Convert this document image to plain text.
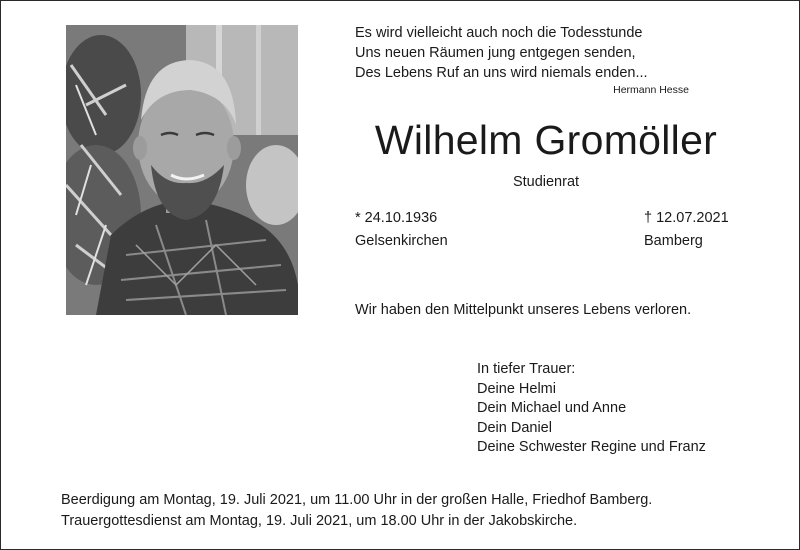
Es wird vielleicht auch noch die Todesstunde
Uns neuen Räumen jung entgegen senden,
Des Lebens Ruf an uns wird niemals enden...
Hermann Hesse
Wilhelm Gromöller
Studienrat
* 24.10.1936
Gelsenkirchen
† 12.07.2021
Bamberg
Wir haben den Mittelpunkt unseres Lebens verloren.
In tiefer Trauer:
Deine Helmi
Dein Michael und Anne
Dein Daniel
Deine Schwester Regine und Franz
Beerdigung am Montag, 19. Juli 2021, um 11.00 Uhr in der großen Halle, Friedhof Bamberg.
Trauergottesdienst am Montag, 19. Juli 2021, um 18.00 Uhr in der Jakobskirche.
